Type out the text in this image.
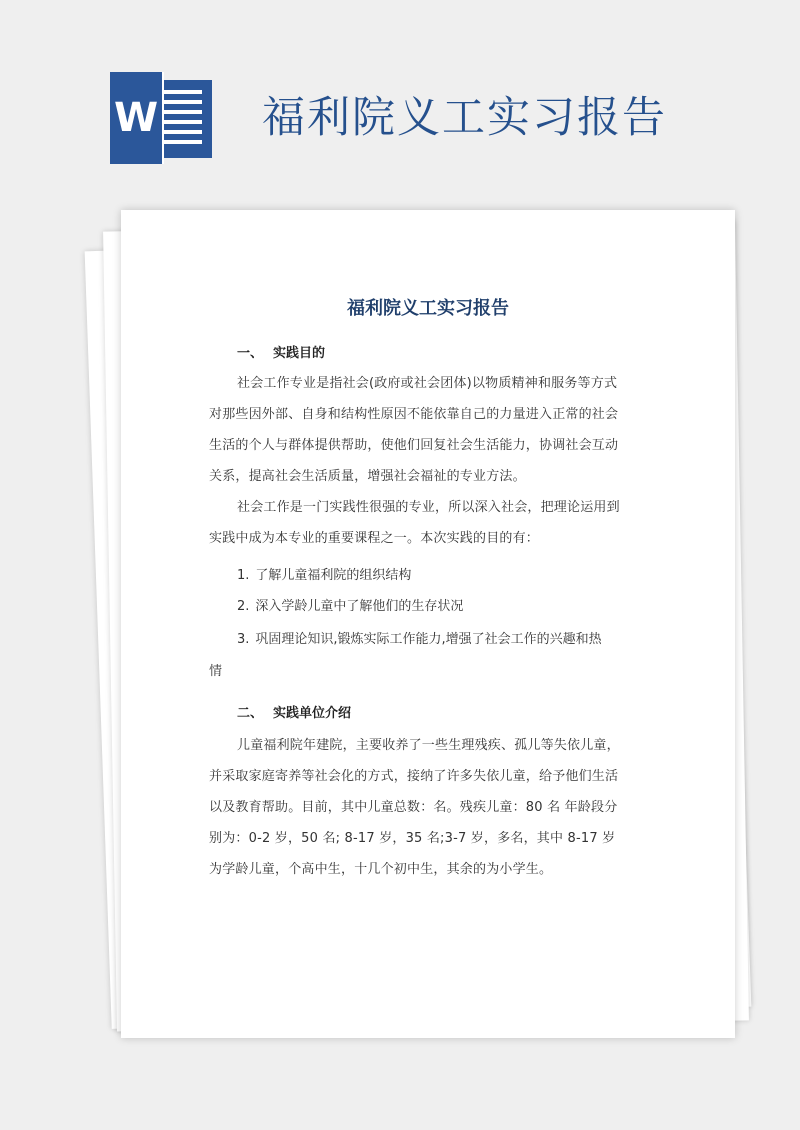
W 福利院义工实习报告
福利院义工实习报告
一、 实践目的
社会工作专业是指社会(政府或社会团体)以物质精神和服务等方式对那些因外部、自身和结构性原因不能依靠自己的力量进入正常的社会生活的个人与群体提供帮助，使他们回复社会生活能力，协调社会互动关系，提高社会生活质量，增强社会福祉的专业方法。
社会工作是一门实践性很强的专业，所以深入社会，把理论运用到实践中成为本专业的重要课程之一。本次实践的目的有：
1. 了解儿童福利院的组织结构
2. 深入学龄儿童中了解他们的生存状况
3. 巩固理论知识,锻炼实际工作能力,增强了社会工作的兴趣和热
情
二、 实践单位介绍
儿童福利院年建院，主要收养了一些生理残疾、孤儿等失依儿童，并采取家庭寄养等社会化的方式，接纳了许多失依儿童，给予他们生活以及教育帮助。目前，其中儿童总数：名。残疾儿童：80 名 年龄段分别为：0-2 岁，50 名; 8-17 岁，35 名;3-7 岁，多名，其中 8-17 岁为学龄儿童，个高中生，十几个初中生，其余的为小学生。
